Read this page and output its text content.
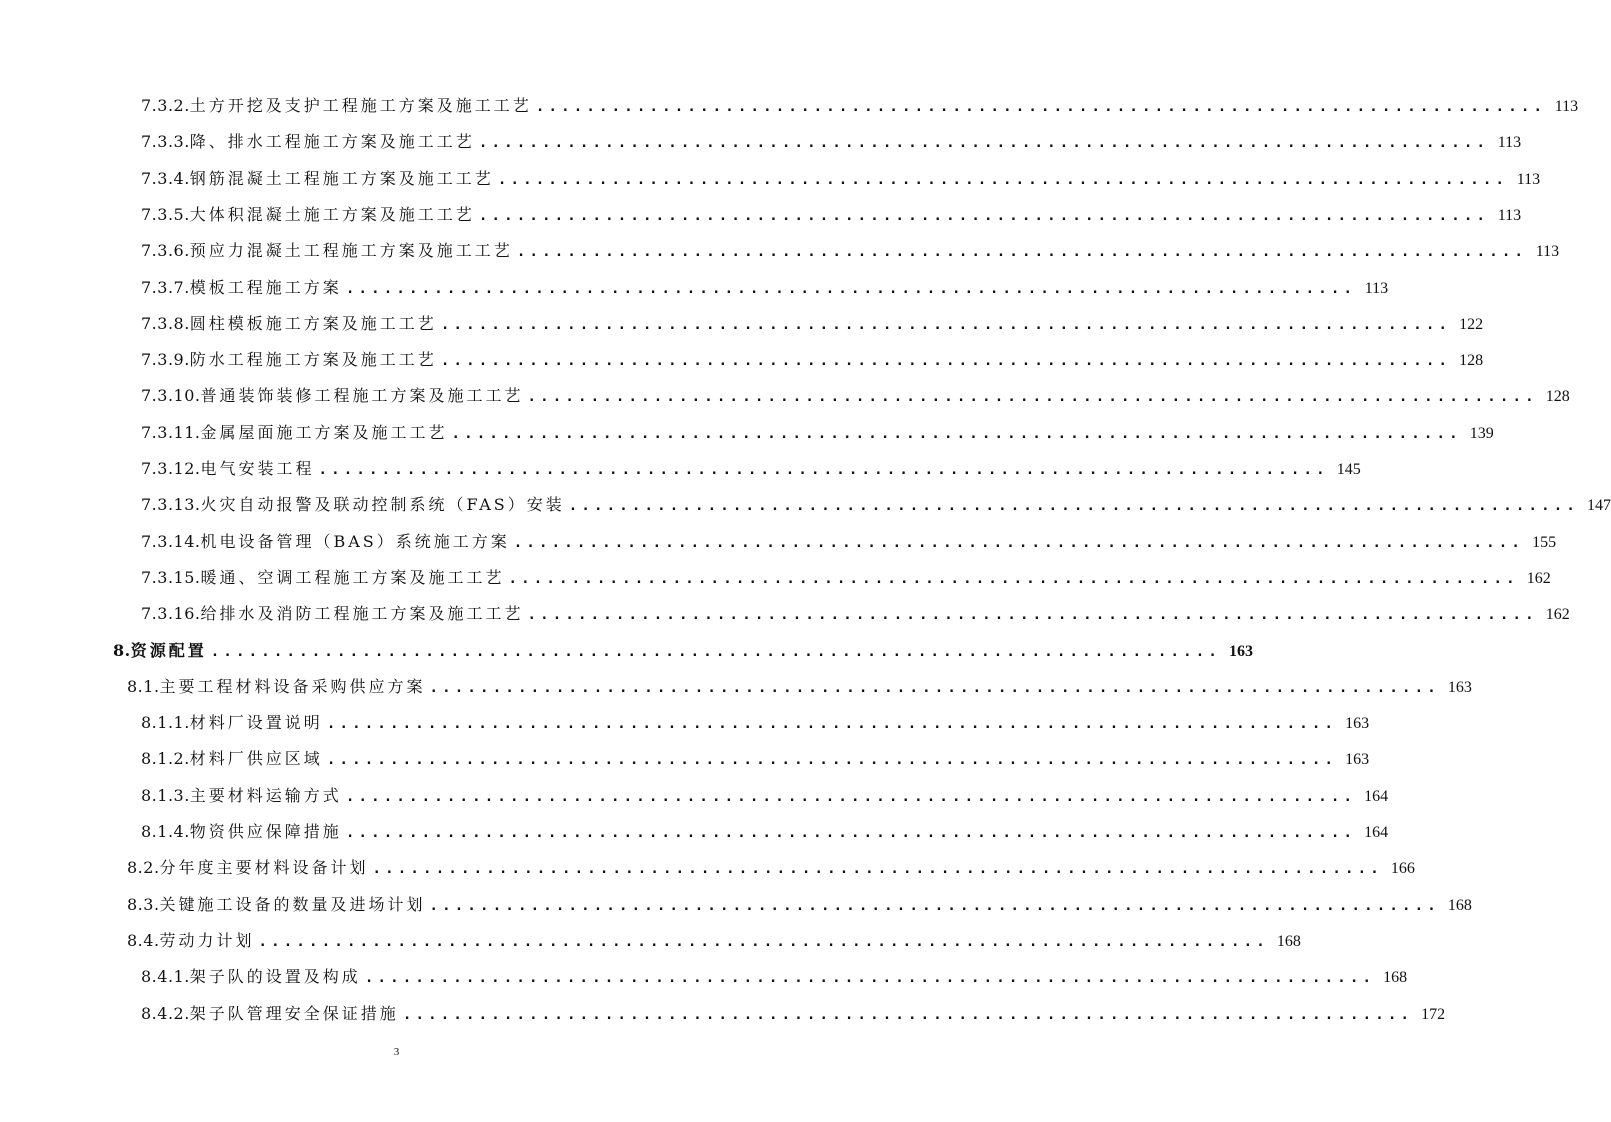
7.3.2. 土方开挖及支护工程施工方案及施工工艺 ................................................................................ 113
7.3.3. 降、排水工程施工方案及施工工艺 ................................................................................ 113
7.3.4. 钢筋混凝土工程施工方案及施工工艺 ................................................................................ 113
7.3.5. 大体积混凝土施工方案及施工工艺 ................................................................................ 113
7.3.6. 预应力混凝土工程施工方案及施工工艺 ................................................................................ 113
7.3.7. 模板工程施工方案 ................................................................................ 113
7.3.8. 圆柱模板施工方案及施工工艺 ................................................................................ 122
7.3.9. 防水工程施工方案及施工工艺 ................................................................................ 128
7.3.10. 普通装饰装修工程施工方案及施工工艺 ................................................................................ 128
7.3.11. 金属屋面施工方案及施工工艺 ................................................................................ 139
7.3.12. 电气安装工程 ................................................................................ 145
7.3.13. 火灾自动报警及联动控制系统（FAS）安装 ................................................................................ 147
7.3.14. 机电设备管理（BAS）系统施工方案 ................................................................................ 155
7.3.15. 暖通、空调工程施工方案及施工工艺 ................................................................................ 162
7.3.16. 给排水及消防工程施工方案及施工工艺 ................................................................................ 162
8. 资源配置 ................................................................................ 163
8.1. 主要工程材料设备采购供应方案 ................................................................................ 163
8.1.1. 材料厂设置说明 ................................................................................ 163
8.1.2. 材料厂供应区域 ................................................................................ 163
8.1.3. 主要材料运输方式 ................................................................................ 164
8.1.4. 物资供应保障措施 ................................................................................ 164
8.2. 分年度主要材料设备计划 ................................................................................ 166
8.3. 关键施工设备的数量及进场计划 ................................................................................ 168
8.4. 劳动力计划 ................................................................................ 168
8.4.1. 架子队的设置及构成 ................................................................................ 168
8.4.2. 架子队管理安全保证措施 ................................................................................ 172
3
